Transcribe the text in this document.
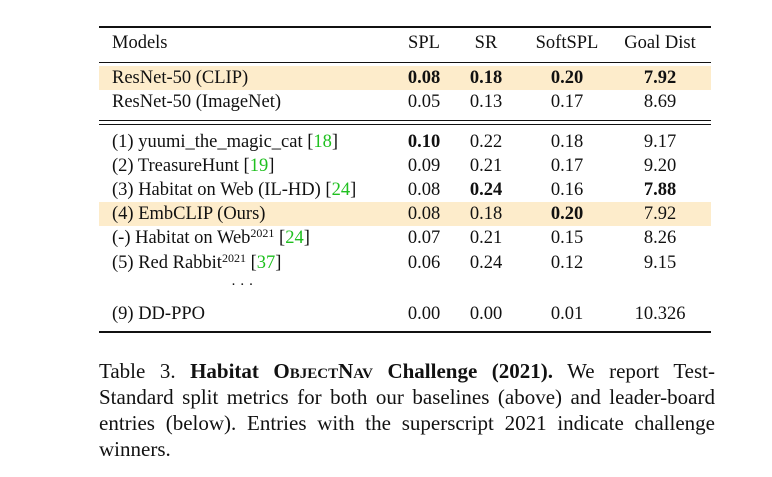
Models	SPL	SR	SoftSPL	Goal Dist
ResNet-50 (CLIP)	0.08	0.18	0.20	7.92
ResNet-50 (ImageNet)	0.05	0.13	0.17	8.69
(1) yuumi_the_magic_cat [18]	0.10	0.22	0.18	9.17
(2) TreasureHunt [19]	0.09	0.21	0.17	9.20
(3) Habitat on Web (IL-HD) [24]	0.08	0.24	0.16	7.88
(4) EmbCLIP (Ours)	0.08	0.18	0.20	7.92
(-) Habitat on Web$^{2021}$ [24]	0.07	0.21	0.15	8.26
(5) Red Rabbit$^{2021}$ [37]	0.06	0.24	0.12	9.15
· · ·
(9) DD-PPO	0.00	0.00	0.01	10.326
Table 3. Habitat ObjectNav Challenge (2021). We report Test-Standard split metrics for both our baselines (above) and leader-board entries (below). Entries with the superscript 2021 indicate challenge winners.
